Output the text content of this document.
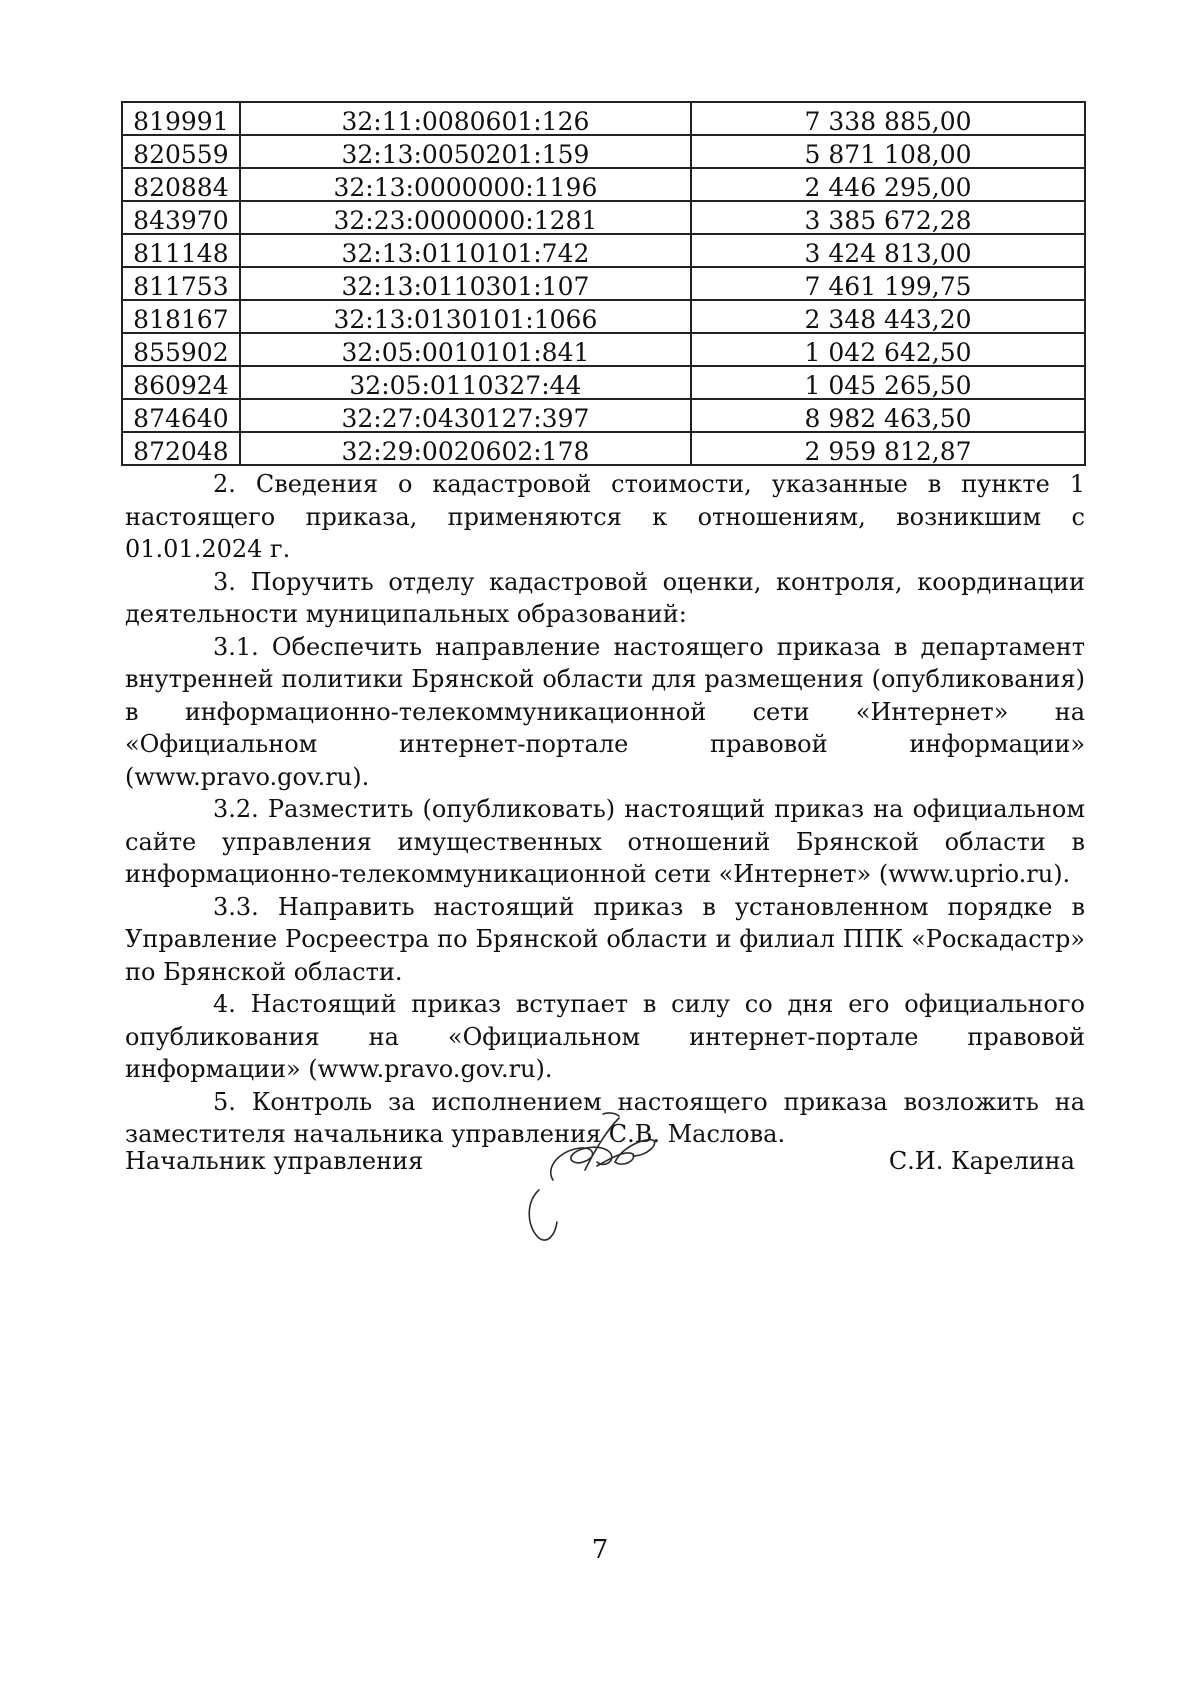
819991	32:11:0080601:126	7 338 885,00
820559	32:13:0050201:159	5 871 108,00
820884	32:13:0000000:1196	2 446 295,00
843970	32:23:0000000:1281	3 385 672,28
811148	32:13:0110101:742	3 424 813,00
811753	32:13:0110301:107	7 461 199,75
818167	32:13:0130101:1066	2 348 443,20
855902	32:05:0010101:841	1 042 642,50
860924	32:05:0110327:44	1 045 265,50
874640	32:27:0430127:397	8 982 463,50
872048	32:29:0020602:178	2 959 812,87

2. Сведения о кадастровой стоимости, указанные в пункте 1 настоящего приказа, применяются к отношениям, возникшим с 01.01.2024 г.

3. Поручить отделу кадастровой оценки, контроля, координации деятельности муниципальных образований:

3.1. Обеспечить направление настоящего приказа в департамент внутренней политики Брянской области для размещения (опубликования) в информационно-телекоммуникационной сети «Интернет» на «Официальном интернет-портале правовой информации» (www.pravo.gov.ru).

3.2. Разместить (опубликовать) настоящий приказ на официальном сайте управления имущественных отношений Брянской области в информационно-телекоммуникационной сети «Интернет» (www.uprio.ru).

3.3. Направить настоящий приказ в установленном порядке в Управление Росреестра по Брянской области и филиал ППК «Роскадастр» по Брянской области.

4. Настоящий приказ вступает в силу со дня его официального опубликования на «Официальном интернет-портале правовой информации» (www.pravo.gov.ru).

5. Контроль за исполнением настоящего приказа возложить на заместителя начальника управления С.В. Маслова.

Начальник управления	С.И. Карелина
7
